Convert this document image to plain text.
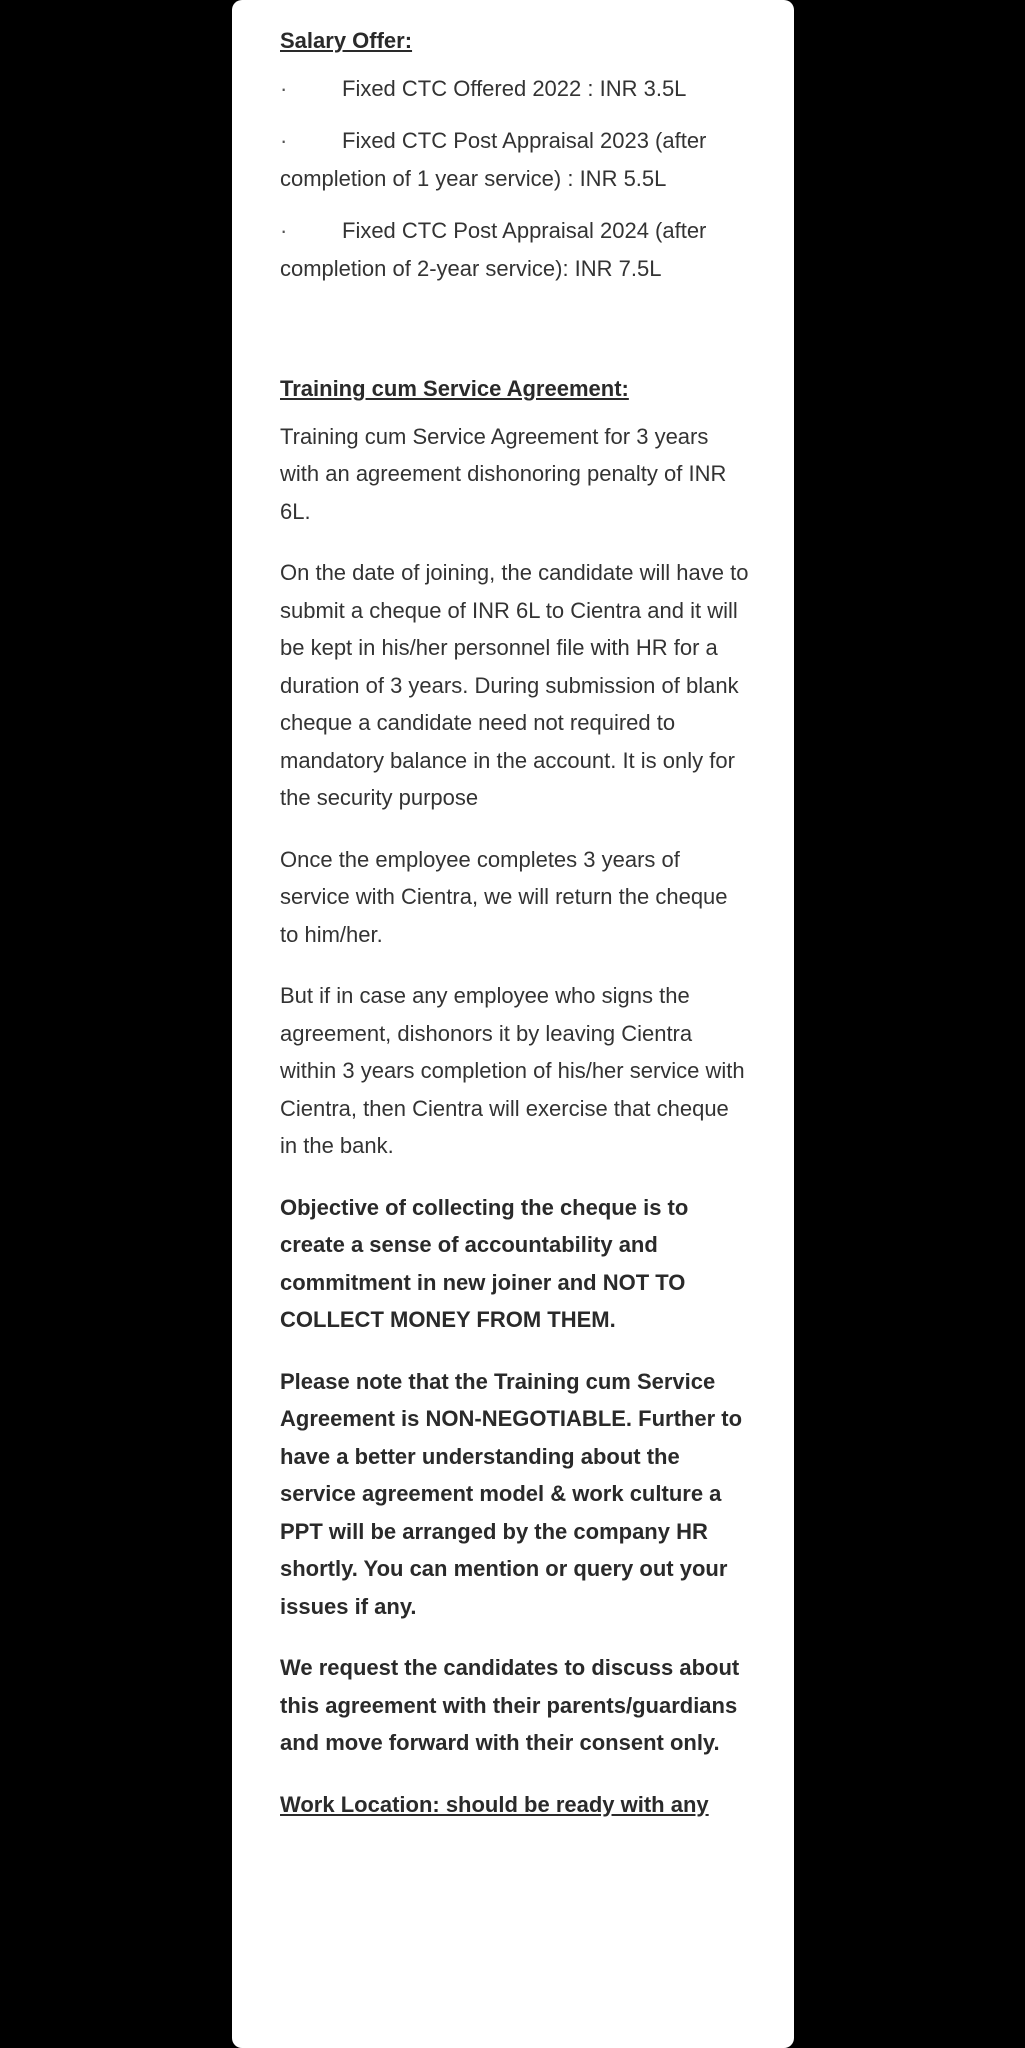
Salary Offer:
· Fixed CTC Offered 2022 : INR 3.5L
· Fixed CTC Post Appraisal 2023 (after completion of 1 year service) : INR 5.5L
· Fixed CTC Post Appraisal 2024 (after completion of 2-year service): INR 7.5L
Training cum Service Agreement:
Training cum Service Agreement for 3 years with an agreement dishonoring penalty of INR 6L.
On the date of joining, the candidate will have to submit a cheque of INR 6L to Cientra and it will be kept in his/her personnel file with HR for a duration of 3 years. During submission of blank cheque a candidate need not required to mandatory balance in the account. It is only for the security purpose
Once the employee completes 3 years of service with Cientra, we will return the cheque to him/her.
But if in case any employee who signs the agreement, dishonors it by leaving Cientra within 3 years completion of his/her service with Cientra, then Cientra will exercise that cheque in the bank.
Objective of collecting the cheque is to create a sense of accountability and commitment in new joiner and NOT TO COLLECT MONEY FROM THEM.
Please note that the Training cum Service Agreement is NON-NEGOTIABLE. Further to have a better understanding about the service agreement model & work culture a PPT will be arranged by the company HR shortly. You can mention or query out your issues if any.
We request the candidates to discuss about this agreement with their parents/guardians and move forward with their consent only.
Work Location: should be ready with any
